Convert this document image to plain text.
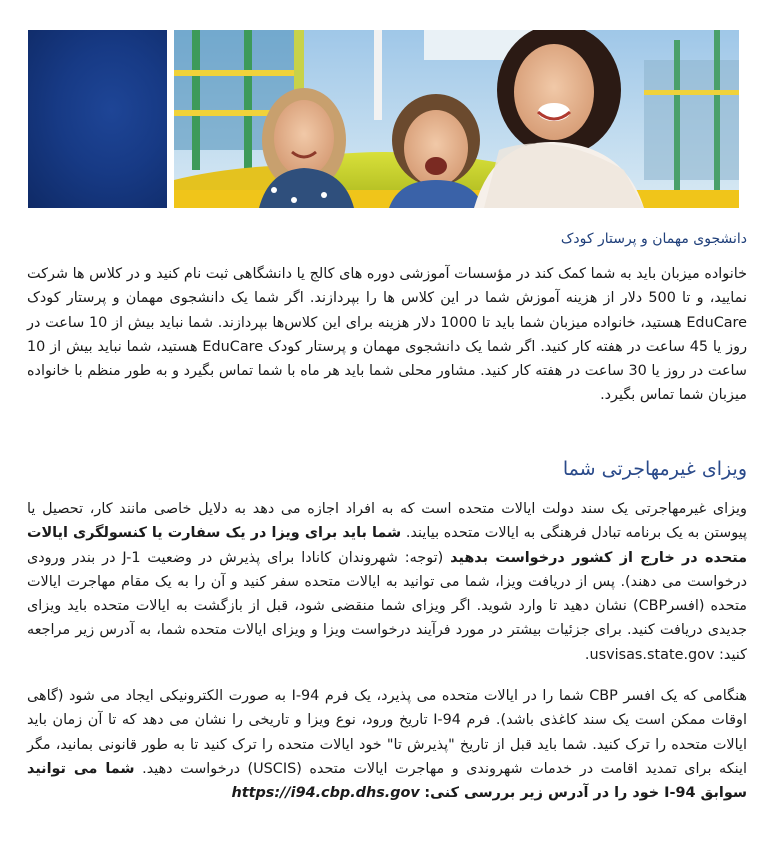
دانشجوی مهمان و پرستار کودک

خانواده میزبان باید به شما کمک کند در مؤسسات آموزشی دوره های کالج یا دانشگاهی ثبت نام کنید و در کلاس ها شرکت نمایید، و تا 500 دلار از هزینه آموزش شما در این کلاس ها را بپردازند. اگر شما یک دانشجوی مهمان و پرستار کودک EduCare هستید، خانواده میزبان شما باید تا 1000 دلار هزینه برای این کلاس‌ها بپردازند. شما نباید بیش از 10 ساعت در روز یا 45 ساعت در هفته کار کنید. اگر شما یک دانشجوی مهمان و پرستار کودک EduCare هستید، شما نباید بیش از 10 ساعت در روز یا 30 ساعت در هفته کار کنید. مشاور محلی شما باید هر ماه با شما تماس بگیرد و به طور منظم با خانواده میزبان شما تماس بگیرد.

ویزای غیرمهاجرتی شما

ویزای غیرمهاجرتی یک سند دولت ایالات متحده است که به افراد اجازه می دهد به دلایل خاصی مانند کار، تحصیل یا پیوستن به یک برنامه تبادل فرهنگی به ایالات متحده بیایند. شما باید برای ویزا در یک سفارت یا کنسولگری ایالات متحده در خارج از کشور درخواست بدهید (توجه: شهروندان کانادا برای پذیرش در وضعیت J-1 در بندر ورودی درخواست می دهند). پس از دریافت ویزا، شما می توانید به ایالات متحده سفر کنید و آن را به یک مقام مهاجرت ایالات متحده (افسرCBP) نشان دهید تا وارد شوید. اگر ویزای شما منقضی شود، قبل از بازگشت به ایالات متحده باید ویزای جدیدی دریافت کنید. برای جزئیات بیشتر در مورد فرآیند درخواست ویزا و ویزای ایالات متحده شما، به آدرس زیر مراجعه کنید: usvisas.state.gov.

هنگامی که یک افسر CBP شما را در ایالات متحده می پذیرد، یک فرم I-94 به صورت الکترونیکی ایجاد می شود (گاهی اوقات ممکن است یک سند کاغذی باشد). فرم I-94 تاریخ ورود، نوع ویزا و تاریخی را نشان می دهد که تا آن زمان باید ایالات متحده را ترک کنید. شما باید قبل از تاریخ "پذیرش تا" خود ایالات متحده را ترک کنید تا به طور قانونی بمانید، مگر اینکه برای تمدید اقامت در خدمات شهروندی و مهاجرت ایالات متحده (USCIS) درخواست دهید. شما می توانید سوابق I-94 خود را در آدرس زیر بررسی کنی: https://i94.cbp.dhs.gov
